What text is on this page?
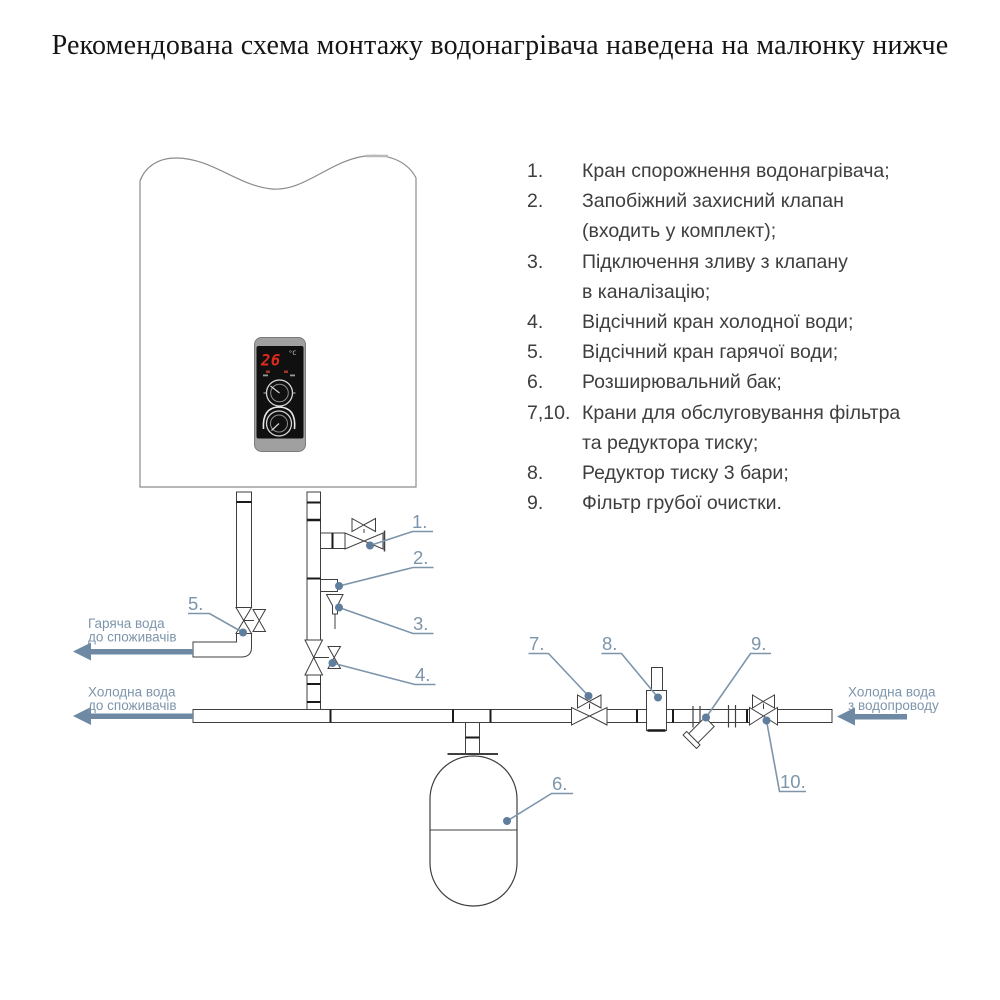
Рекомендована схема монтажу водонагрівача наведена на малюнку нижче
1.	Кран спорожнення водонагрівача;
2.	Запобіжний захисний клапан
(входить у комплект);
3.	Підключення зливу з клапану
в каналізацію;
4.	Відсічний кран холодної води;
5.	Відсічний кран гарячої води;
6.	Розширювальний бак;
7,10. Крани для обслуговування фільтра
та редуктора тиску;
8.	Редуктор тиску 3 бари;
9.	Фільтр грубої очистки.
26 °C
Гаряча вода
до споживачів
Холодна вода
до споживачів
Холодна вода
з водопроводу
1.
2.
3.
4.
5.
6.
7.	8.	9.
10.
